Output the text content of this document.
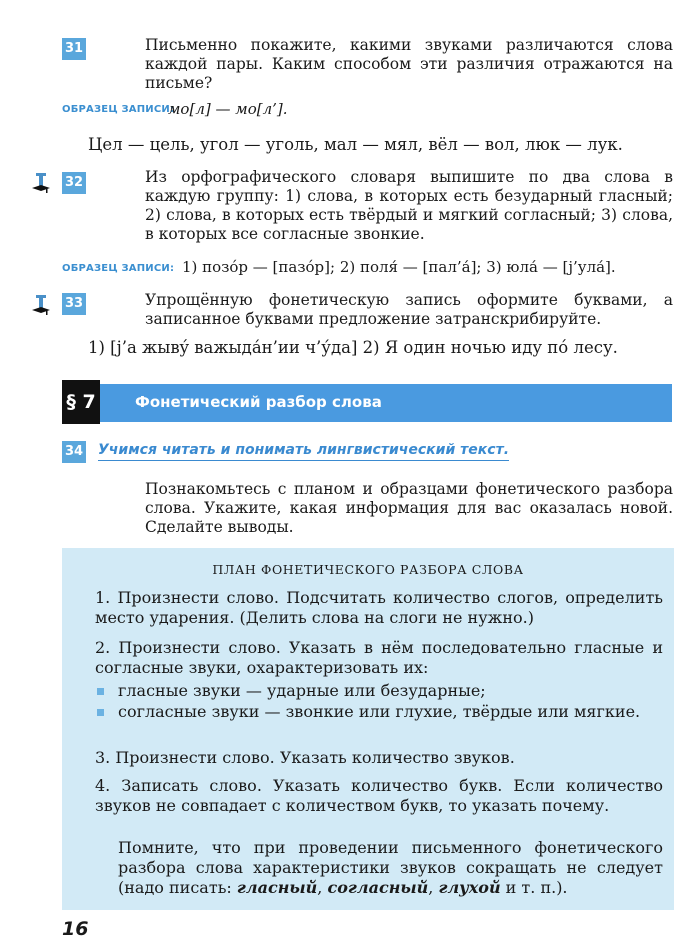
31	Письменно покажите, какими звуками различаются слова каждой пары. Каким способом эти различия отражаются на письме?
ОБРАЗЕЦ ЗАПИСИ:
мо[л] — мо[л’].
Цел — цель, угол — уголь, мал — мял, вёл — вол, люк — лук.
32	Из орфографического словаря выпишите по два слова в каждую группу: 1) слова, в которых есть безударный гласный; 2) слова, в которых есть твёрдый и мягкий согласный; 3) слова, в которых все согласные звонкие.
ОБРАЗЕЦ ЗАПИСИ: 1) позóр — [пазóр]; 2) поля́ — [пал’а́]; 3) юла́ — [j’ула́].
33	Упрощённую фонетическую запись оформите буквами, а записанное буквами предложение затранскрибируйте.
1) [j’а жывý важыда́н’ии ч’у́да] 2) Я один ночью иду пó лесу.
§ 7	Фонетический разбор слова
34 Учимся читать и понимать лингвистический текст.
Познакомьтесь с планом и образцами фонетического разбора слова. Укажите, какая информация для вас оказалась новой. Сделайте выводы.
ПЛАН ФОНЕТИЧЕСКОГО РАЗБОРА СЛОВА
1. Произнести слово. Подсчитать количество слогов, определить место ударения. (Делить слова на слоги не нужно.)
2. Произнести слово. Указать в нём последовательно гласные и согласные звуки, охарактеризовать их:
гласные звуки — ударные или безударные;
согласные звуки — звонкие или глухие, твёрдые или мягкие.
3. Произнести слово. Указать количество звуков.
4. Записать слово. Указать количество букв. Если количество звуков не совпадает с количеством букв, то указать почему.
Помните, что при проведении письменного фонетического разбора слова характеристики звуков сокращать не следует (надо писать: гласный, согласный, глухой и т. п.).
16
